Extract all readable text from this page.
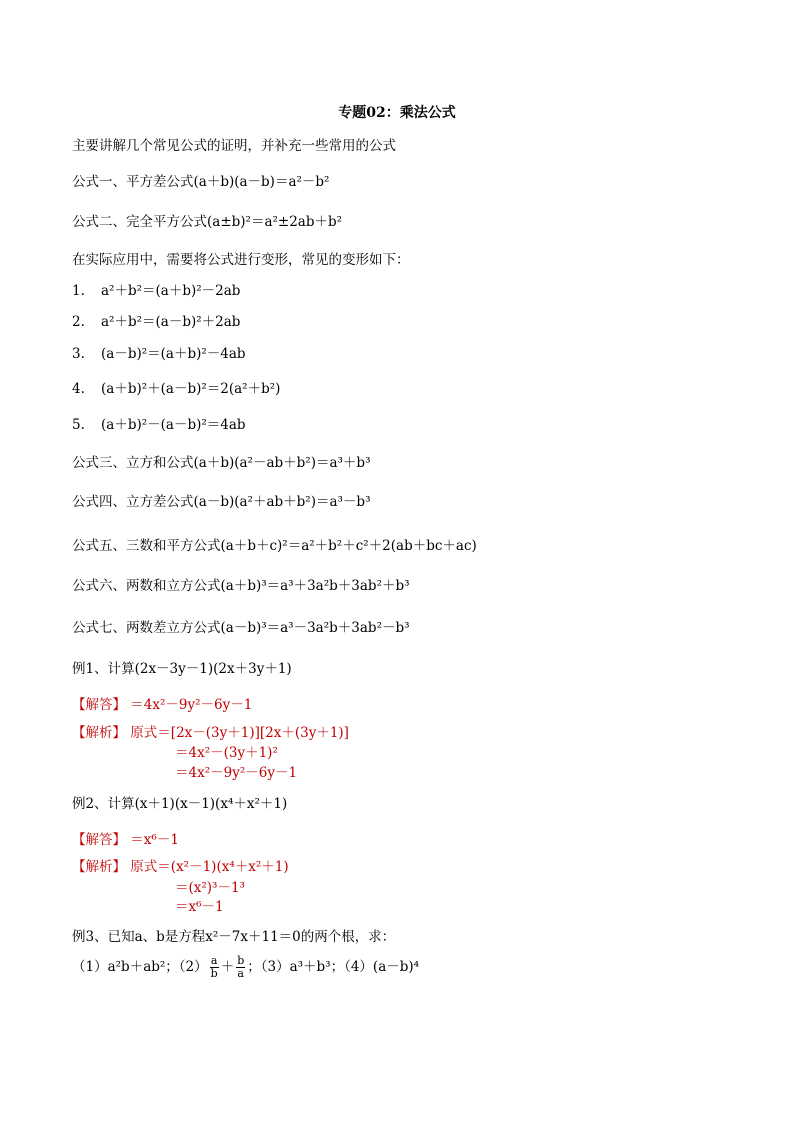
专题02：乘法公式
主要讲解几个常见公式的证明，并补充一些常用的公式
公式一、平方差公式(a＋b)(a－b)＝a²－b²
公式二、完全平方公式(a±b)²＝a²±2ab＋b²
在实际应用中，需要将公式进行变形，常见的变形如下：
1. a²＋b²＝(a＋b)²－2ab
2. a²＋b²＝(a－b)²＋2ab
3. (a－b)²＝(a＋b)²－4ab
4. (a＋b)²＋(a－b)²＝2(a²＋b²)
5. (a＋b)²－(a－b)²＝4ab
公式三、立方和公式(a＋b)(a²－ab＋b²)＝a³＋b³
公式四、立方差公式(a－b)(a²＋ab＋b²)＝a³－b³
公式五、三数和平方公式(a＋b＋c)²＝a²＋b²＋c²＋2(ab＋bc＋ac)
公式六、两数和立方公式(a＋b)³＝a³＋3a²b＋3ab²＋b³
公式七、两数差立方公式(a－b)³＝a³－3a²b＋3ab²－b³
例1、计算(2x－3y－1)(2x＋3y＋1)
【解答】 ＝4x²－9y²－6y－1
【解析】 原式＝[2x－(3y＋1)][2x＋(3y＋1)]
＝4x²－(3y＋1)²
＝4x²－9y²－6y－1
例2、计算(x＋1)(x－1)(x⁴＋x²＋1)
【解答】 ＝x⁶－1
【解析】 原式＝(x²－1)(x⁴＋x²＋1)
＝(x²)³－1³
＝x⁶－1
例3、已知a、b是方程x²－7x＋11＝0的两个根，求：
（1）a²b＋ab²；$(2) \frac{a}{b} + \frac{b}{a}$ ；（3）a³＋b³；（4）(a－b)⁴
